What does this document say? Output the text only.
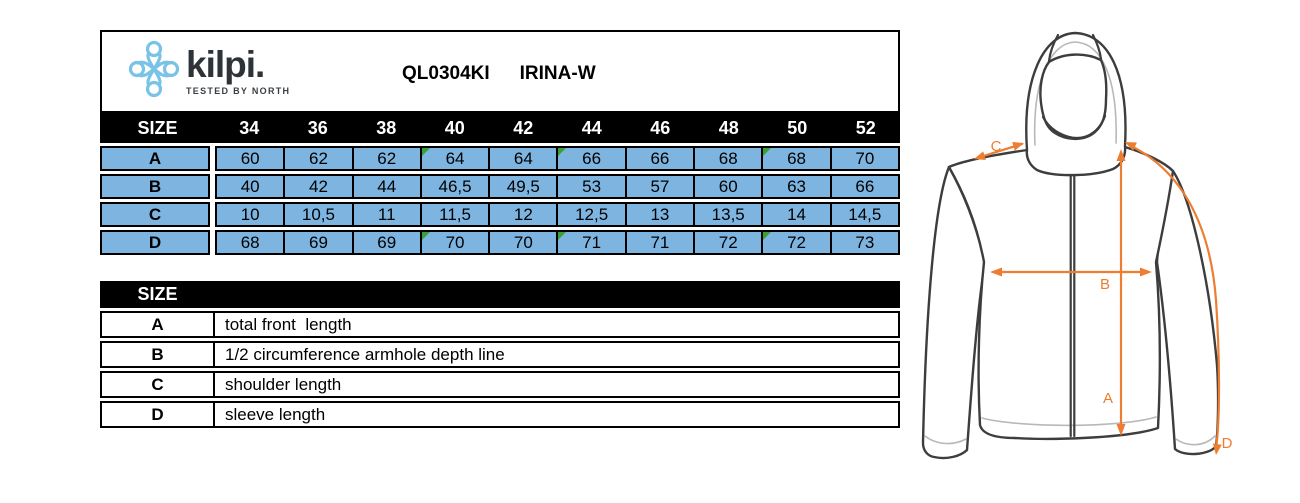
kilpi.
TESTED BY NORTH
QL0304KI IRINA-W
SIZE	34	36	38	40	42	44	46	48	50	52
A	60	62	62	64	64	66	66	68	68	70
B	40	42	44	46,5	49,5	53	57	60	63	66
C	10	10,5	11	11,5	12	12,5	13	13,5	14	14,5
D	68	69	69	70	70	71	71	72	72	73
SIZE
A	total front  length
B	1/2 circumference armhole depth line
C	shoulder length
D	sleeve length
C
A
B
D
